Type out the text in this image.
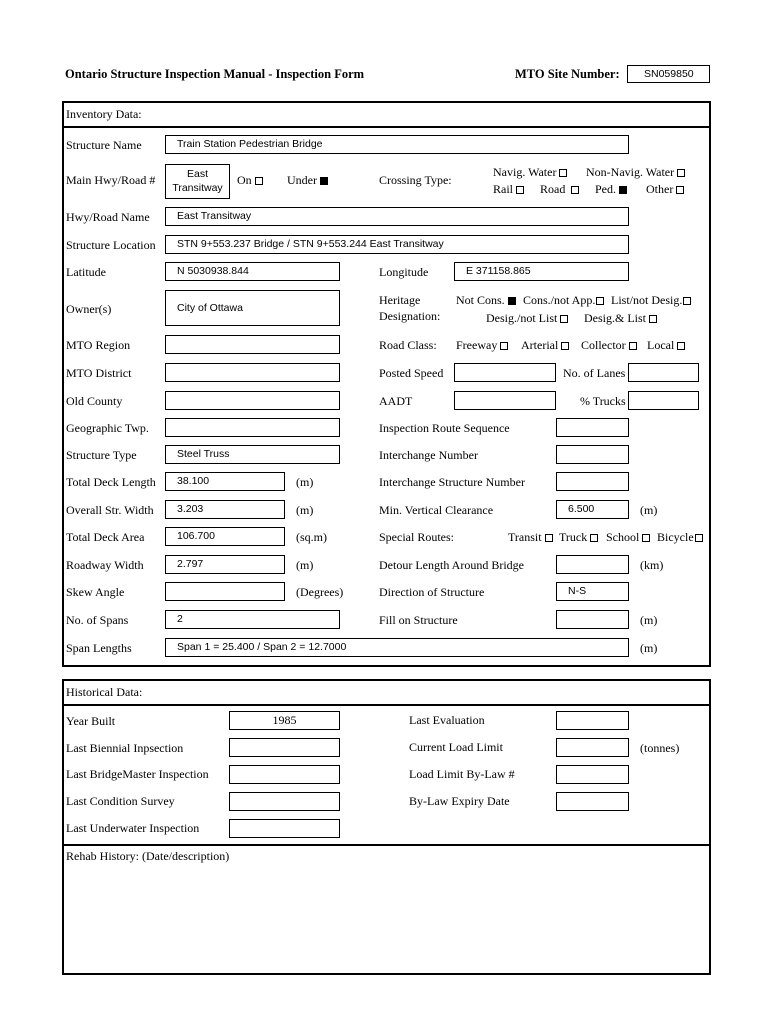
Ontario Structure Inspection Manual - Inspection Form	MTO Site Number: SN059850
Inventory Data:
Structure Name	Train Station Pedestrian Bridge
Main Hwy/Road #	East
Transitway
On	Under	Crossing Type:
Navig. Water	Non-Navig. Water
Rail	Road	Ped.	Other
Hwy/Road Name	East Transitway
Structure Location STN 9+553.237 Bridge / STN 9+553.244 East Transitway
Latitude	N 5030938.844	Longitude	E 371158.865
Owner(s)	City of Ottawa
Heritage
Designation:
Not Cons.	Cons./not App.	List/not Desig.
Desig./not List	Desig.& List
MTO Region	Road Class: Freeway	Arterial	Collector	Local
MTO District	Posted Speed	No. of Lanes
Old County	AADT	% Trucks
Geographic Twp.	Inspection Route Sequence
Structure Type	Steel Truss	Interchange Number
Total Deck Length 38.100	(m)	Interchange Structure Number
Overall Str. Width 3.203	(m)	Min. Vertical Clearance	6.500	(m)
Total Deck Area	106.700	(sq.m)	Special Routes:	Transit	Truck	School	Bicycle
Roadway Width	2.797	(m)	Detour Length Around Bridge	(km)
Skew Angle	(Degrees)	Direction of Structure	N-S
No. of Spans	2	Fill on Structure	(m)
Span Lengths	Span 1 = 25.400 / Span 2 = 12.7000	(m)
Historical Data:
Year Built	1985	Last Evaluation
Last Biennial Inpsection	Current Load Limit	(tonnes)
Last BridgeMaster Inspection	Load Limit By-Law #
Last Condition Survey	By-Law Expiry Date
Last Underwater Inspection
Rehab History: (Date/description)
